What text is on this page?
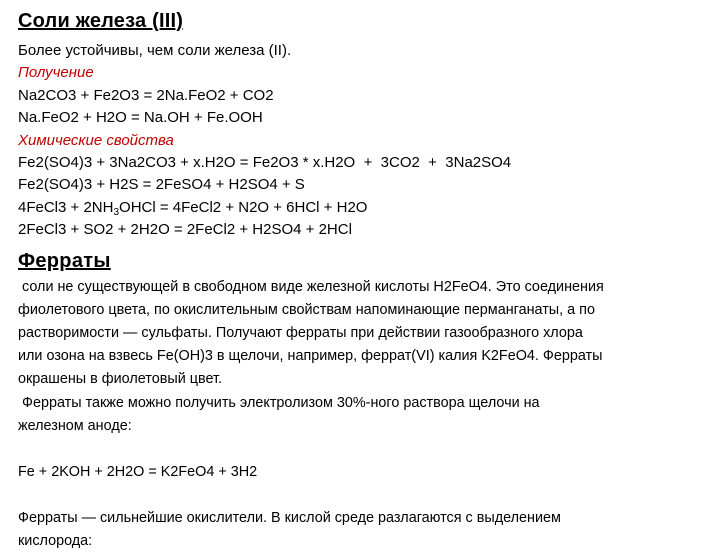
Соли железа (III)
Более устойчивы, чем соли железа (II).
Получение
Na2CO3 + Fe2O3 = 2Na.FeO2 + CO2
Na.FeO2 + H2O = Na.OH + Fe.OOH
Химические свойства
Fe2(SO4)3 + 3Na2CO3 + x.H2O = Fe2O3 * x.H2O  +  3CO2  +  3Na2SO4
Fe2(SO4)3 + H2S = 2FeSO4 + H2SO4 + S
4FeCl3 + $2NH_3OHCl$ = 4FeCl2 + N2O + 6HCl + H2O
2FeCl3 + SO2 + 2H2O = 2FeCl2 + H2SO4 + 2HCl
Ферраты
соли не существующей в свободном виде железной кислоты H2FeO4. Это соединения
фиолетового цвета, по окислительным свойствам напоминающие перманганаты, а по
растворимости — сульфаты. Получают ферраты при действии газообразного хлора
или озона на взвесь Fe(OH)3 в щелочи, например, феррат(VI) калия K2FeO4. Ферраты
окрашены в фиолетовый цвет.
Ферраты также можно получить электролизом 30%-ного раствора щелочи на
железном аноде:
Fe + 2KOH + 2H2O = K2FeO4 + 3H2
Ферраты — сильнейшие окислители. В кислой среде разлагаются с выделением
кислорода:
